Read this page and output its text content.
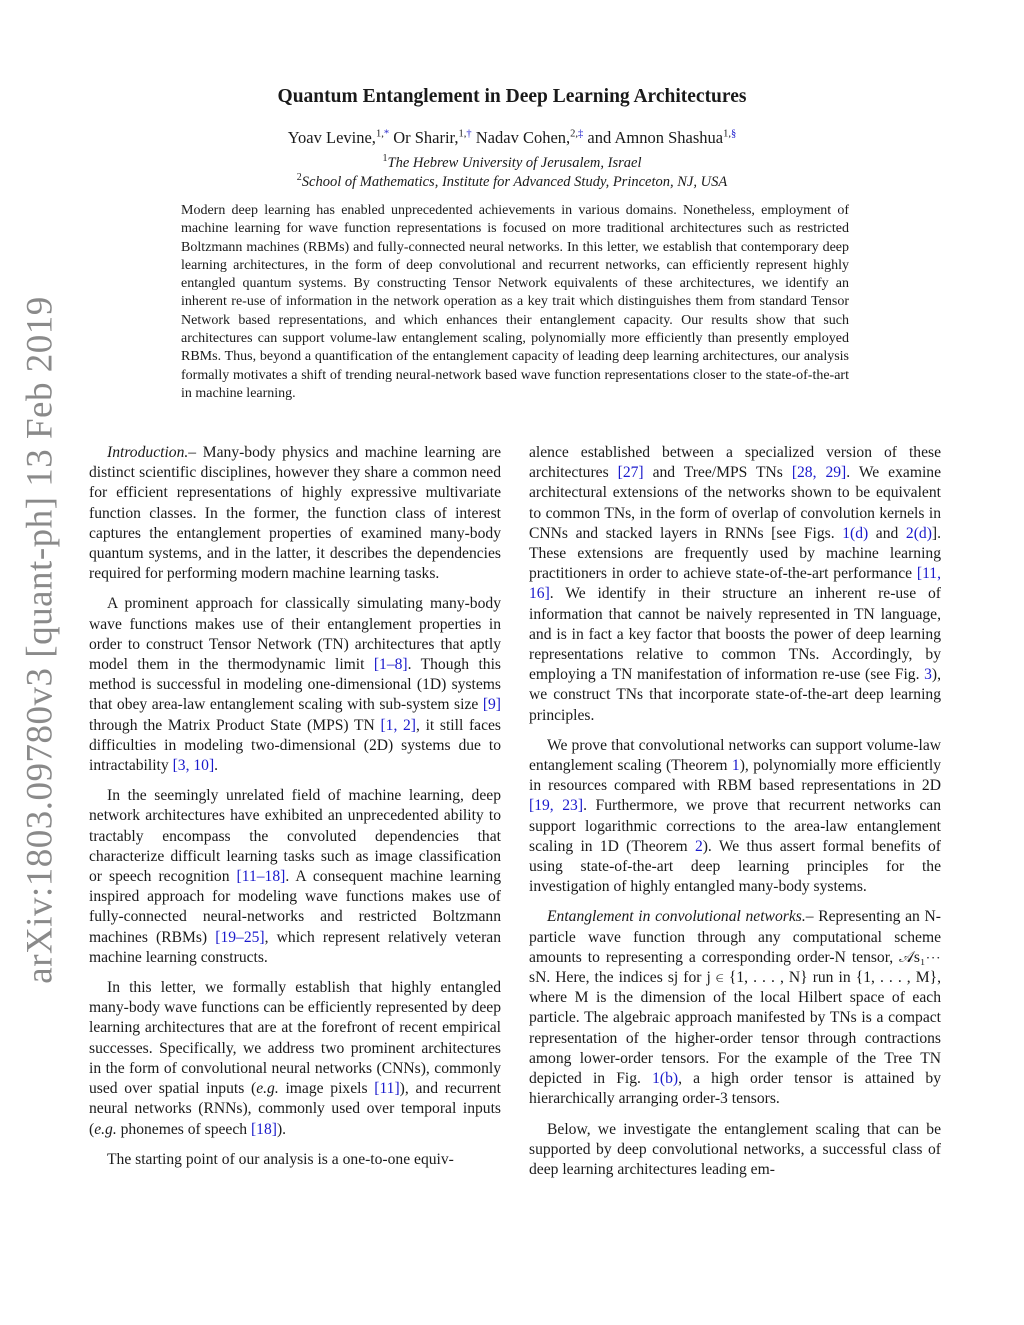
arXiv:1803.09780v3 [quant-ph] 13 Feb 2019
Quantum Entanglement in Deep Learning Architectures
Yoav Levine,$^{1,*}$ Or Sharir,$^{1,\dagger}$ Nadav Cohen,$^{2,\ddagger}$ and Amnon Shashua$^{1,\S}$
$^1$The Hebrew University of Jerusalem, Israel
$^2$School of Mathematics, Institute for Advanced Study, Princeton, NJ, USA
Modern deep learning has enabled unprecedented achievements in various domains. Nonetheless, employment of machine learning for wave function representations is focused on more traditional architectures such as restricted Boltzmann machines (RBMs) and fully-connected neural networks. In this letter, we establish that contemporary deep learning architectures, in the form of deep convolutional and recurrent networks, can efficiently represent highly entangled quantum systems. By constructing Tensor Network equivalents of these architectures, we identify an inherent re-use of information in the network operation as a key trait which distinguishes them from standard Tensor Network based representations, and which enhances their entanglement capacity. Our results show that such architectures can support volume-law entanglement scaling, polynomially more efficiently than presently employed RBMs. Thus, beyond a quantification of the entanglement capacity of leading deep learning architectures, our analysis formally motivates a shift of trending neural-network based wave function representations closer to the state-of-the-art in machine learning.

Introduction.– Many-body physics and machine learning are distinct scientific disciplines, however they share a common need for efficient representations of highly expressive multivariate function classes. In the former, the function class of interest captures the entanglement properties of examined many-body quantum systems, and in the latter, it describes the dependencies required for performing modern machine learning tasks.

A prominent approach for classically simulating many-body wave functions makes use of their entanglement properties in order to construct Tensor Network (TN) architectures that aptly model them in the thermodynamic limit [1–8]. Though this method is successful in modeling one-dimensional (1D) systems that obey area-law entanglement scaling with sub-system size [9] through the Matrix Product State (MPS) TN [1, 2], it still faces difficulties in modeling two-dimensional (2D) systems due to intractability [3, 10].

In the seemingly unrelated field of machine learning, deep network architectures have exhibited an unprecedented ability to tractably encompass the convoluted dependencies that characterize difficult learning tasks such as image classification or speech recognition [11–18]. A consequent machine learning inspired approach for modeling wave functions makes use of fully-connected neural-networks and restricted Boltzmann machines (RBMs) [19–25], which represent relatively veteran machine learning constructs.

In this letter, we formally establish that highly entangled many-body wave functions can be efficiently represented by deep learning architectures that are at the forefront of recent empirical successes. Specifically, we address two prominent architectures in the form of convolutional neural networks (CNNs), commonly used over spatial inputs (e.g. image pixels [11]), and recurrent neural networks (RNNs), commonly used over temporal inputs (e.g. phonemes of speech [18]).

The starting point of our analysis is a one-to-one equiv-

alence established between a specialized version of these architectures [27] and Tree/MPS TNs [28, 29]. We examine architectural extensions of the networks shown to be equivalent to common TNs, in the form of overlap of convolution kernels in CNNs and stacked layers in RNNs [see Figs. 1(d) and 2(d)]. These extensions are frequently used by machine learning practitioners in order to achieve state-of-the-art performance [11, 16]. We identify in their structure an inherent re-use of information that cannot be naively represented in TN language, and is in fact a key factor that boosts the power of deep learning representations relative to common TNs. Accordingly, by employing a TN manifestation of information re-use (see Fig. 3), we construct TNs that incorporate state-of-the-art deep learning principles.

We prove that convolutional networks can support volume-law entanglement scaling (Theorem 1), polynomially more efficiently in resources compared with RBM based representations in 2D [19, 23]. Furthermore, we prove that recurrent networks can support logarithmic corrections to the area-law entanglement scaling in 1D (Theorem 2). We thus assert formal benefits of using state-of-the-art deep learning principles for the investigation of highly entangled many-body systems.

Entanglement in convolutional networks.– Representing an N-particle wave function through any computational scheme amounts to representing a corresponding order-N tensor, 𝒜s₁⋯sN. Here, the indices sj for j ∈ {1, . . . , N} run in {1, . . . , M}, where M is the dimension of the local Hilbert space of each particle. The algebraic approach manifested by TNs is a compact representation of the higher-order tensor through contractions among lower-order tensors. For the example of the Tree TN depicted in Fig. 1(b), a high order tensor is attained by hierarchically arranging order-3 tensors.

Below, we investigate the entanglement scaling that can be supported by deep convolutional networks, a successful class of deep learning architectures leading em-
